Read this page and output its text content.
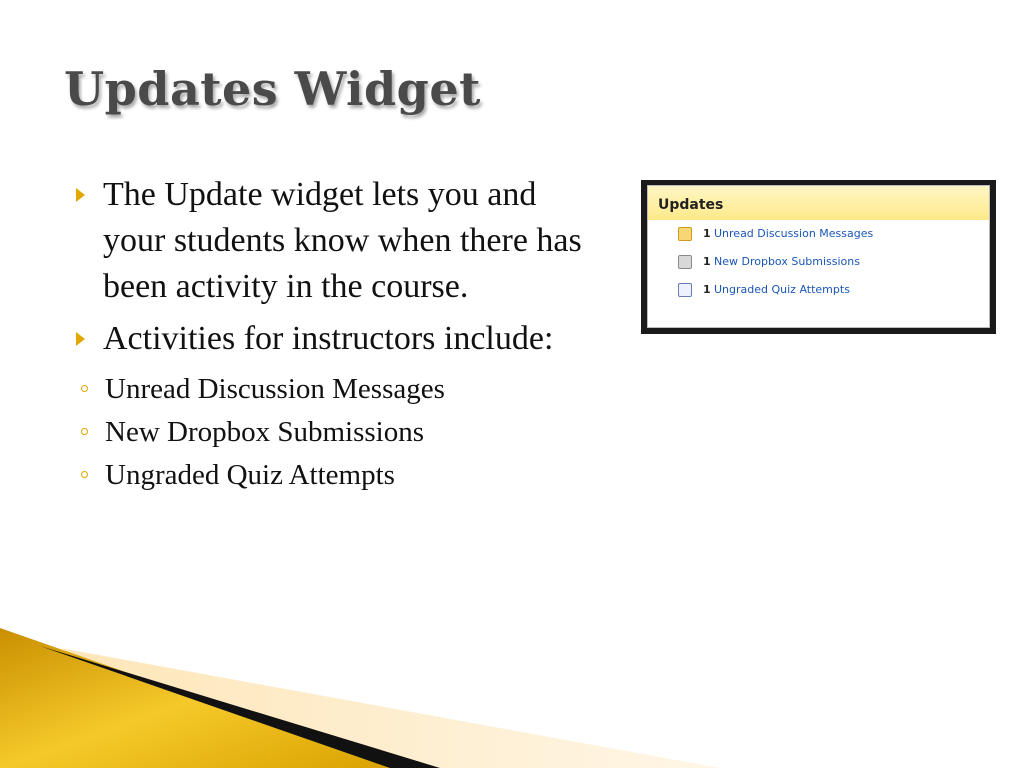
Updates Widget
The Update widget lets you and your students know when there has been activity in the course.
Activities for instructors include:
Unread Discussion Messages
New Dropbox Submissions
Ungraded Quiz Attempts
Updates
1 Unread Discussion Messages
1 New Dropbox Submissions
1 Ungraded Quiz Attempts
